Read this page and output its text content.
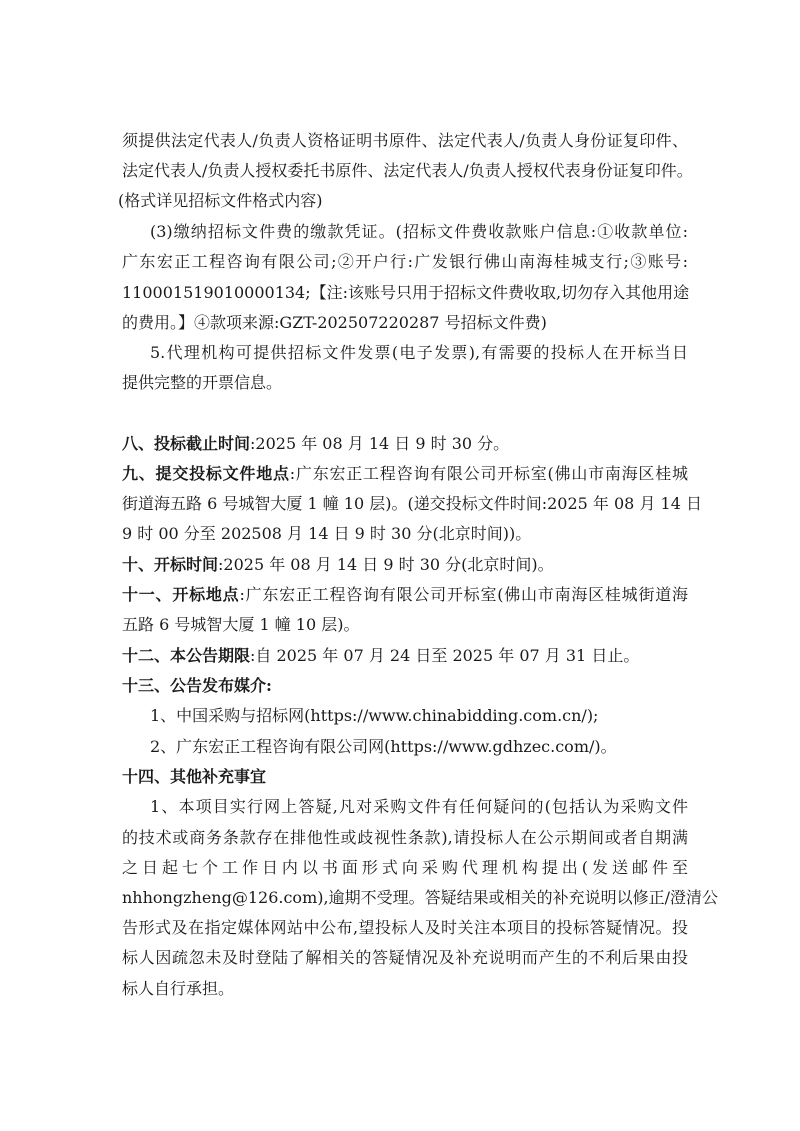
须提供法定代表人/负责人资格证明书原件、法定代表人/负责人身份证复印件、
法定代表人/负责人授权委托书原件、法定代表人/负责人授权代表身份证复印件。
(格式详见招标文件格式内容)
(3)缴纳招标文件费的缴款凭证。(招标文件费收款账户信息:①收款单位:
广东宏正工程咨询有限公司;②开户行:广发银行佛山南海桂城支行;③账号:
110001519010000134;【注:该账号只用于招标文件费收取,切勿存入其他用途
的费用。】④款项来源:GZT-202507220287 号招标文件费)
5.代理机构可提供招标文件发票(电子发票),有需要的投标人在开标当日
提供完整的开票信息。
八、投标截止时间:2025 年 08 月 14 日 9 时 30 分。
九、提交投标文件地点:广东宏正工程咨询有限公司开标室(佛山市南海区桂城
街道海五路 6 号城智大厦 1 幢 10 层)。(递交投标文件时间:2025 年 08 月 14 日
9 时 00 分至 202508 月 14 日 9 时 30 分(北京时间))。
十、开标时间:2025 年 08 月 14 日 9 时 30 分(北京时间)。
十一、开标地点:广东宏正工程咨询有限公司开标室(佛山市南海区桂城街道海
五路 6 号城智大厦 1 幢 10 层)。
十二、本公告期限:自 2025 年 07 月 24 日至 2025 年 07 月 31 日止。
十三、公告发布媒介:
1、中国采购与招标网(https://www.chinabidding.com.cn/);
2、广东宏正工程咨询有限公司网(https://www.gdhzec.com/)。
十四、其他补充事宜
1、本项目实行网上答疑,凡对采购文件有任何疑问的(包括认为采购文件
的技术或商务条款存在排他性或歧视性条款),请投标人在公示期间或者自期满
之日起七个工作日内以书面形式向采购代理机构提出(发送邮件至
nhhongzheng@126.com),逾期不受理。答疑结果或相关的补充说明以修正/澄清公
告形式及在指定媒体网站中公布,望投标人及时关注本项目的投标答疑情况。投
标人因疏忽未及时登陆了解相关的答疑情况及补充说明而产生的不利后果由投
标人自行承担。
